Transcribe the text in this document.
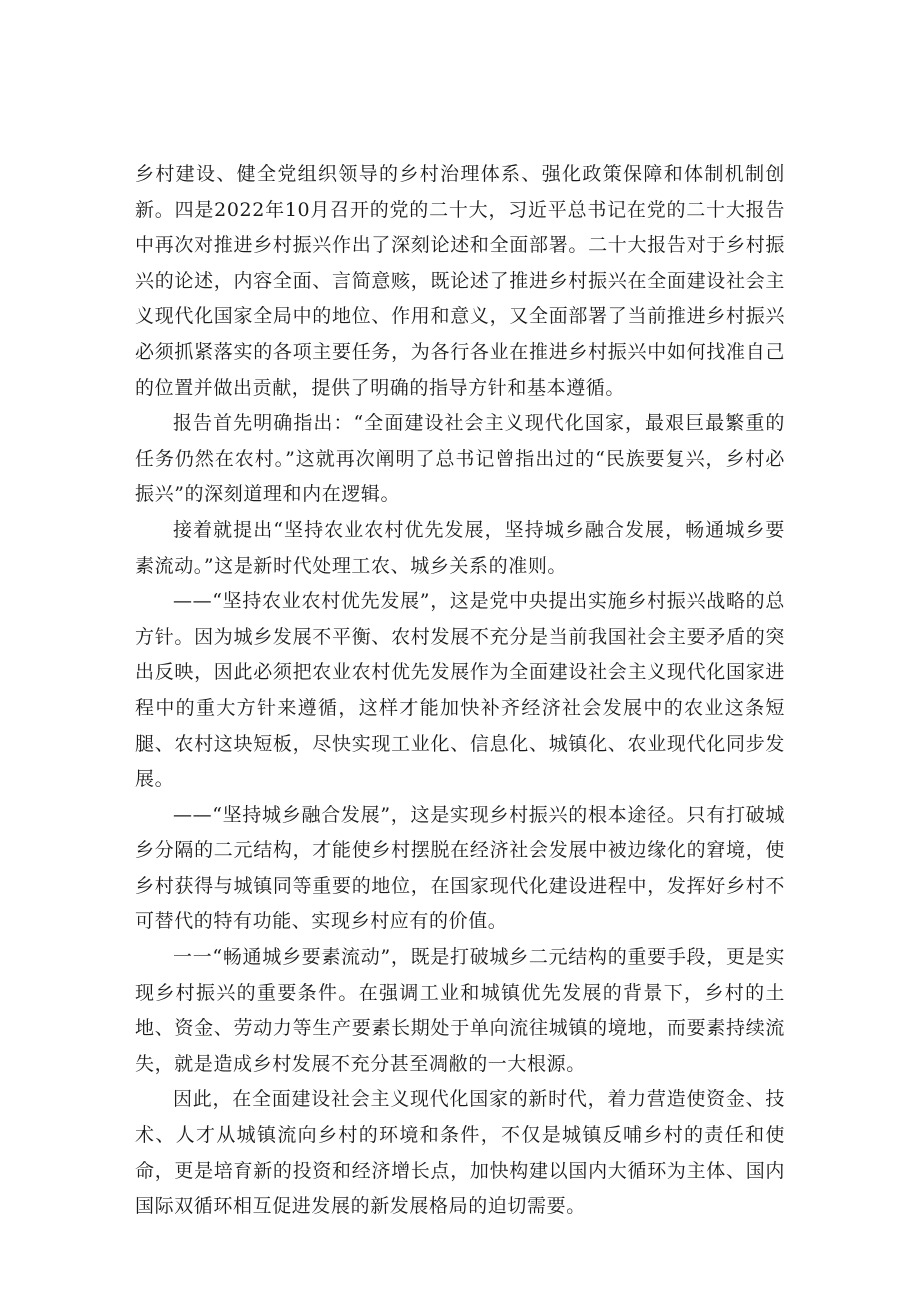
乡村建设、健全党组织领导的乡村治理体系、强化政策保障和体制机制创新。四是2022年10月召开的党的二十大，习近平总书记在党的二十大报告中再次对推进乡村振兴作出了深刻论述和全面部署。二十大报告对于乡村振兴的论述，内容全面、言简意赅，既论述了推进乡村振兴在全面建设社会主义现代化国家全局中的地位、作用和意义，又全面部署了当前推进乡村振兴必须抓紧落实的各项主要任务，为各行各业在推进乡村振兴中如何找准自己的位置并做出贡献，提供了明确的指导方针和基本遵循。

报告首先明确指出：“全面建设社会主义现代化国家，最艰巨最繁重的任务仍然在农村。”这就再次阐明了总书记曾指出过的“民族要复兴，乡村必振兴”的深刻道理和内在逻辑。

接着就提出“坚持农业农村优先发展，坚持城乡融合发展，畅通城乡要素流动。”这是新时代处理工农、城乡关系的准则。

——“坚持农业农村优先发展”，这是党中央提出实施乡村振兴战略的总方针。因为城乡发展不平衡、农村发展不充分是当前我国社会主要矛盾的突出反映，因此必须把农业农村优先发展作为全面建设社会主义现代化国家进程中的重大方针来遵循，这样才能加快补齐经济社会发展中的农业这条短腿、农村这块短板，尽快实现工业化、信息化、城镇化、农业现代化同步发展。

——“坚持城乡融合发展”，这是实现乡村振兴的根本途径。只有打破城乡分隔的二元结构，才能使乡村摆脱在经济社会发展中被边缘化的窘境，使乡村获得与城镇同等重要的地位，在国家现代化建设进程中，发挥好乡村不可替代的特有功能、实现乡村应有的价值。

一一“畅通城乡要素流动”，既是打破城乡二元结构的重要手段，更是实现乡村振兴的重要条件。在强调工业和城镇优先发展的背景下，乡村的土地、资金、劳动力等生产要素长期处于单向流往城镇的境地，而要素持续流失，就是造成乡村发展不充分甚至凋敝的一大根源。

因此，在全面建设社会主义现代化国家的新时代，着力营造使资金、技术、人才从城镇流向乡村的环境和条件，不仅是城镇反哺乡村的责任和使命，更是培育新的投资和经济增长点，加快构建以国内大循环为主体、国内国际双循环相互促进发展的新发展格局的迫切需要。
